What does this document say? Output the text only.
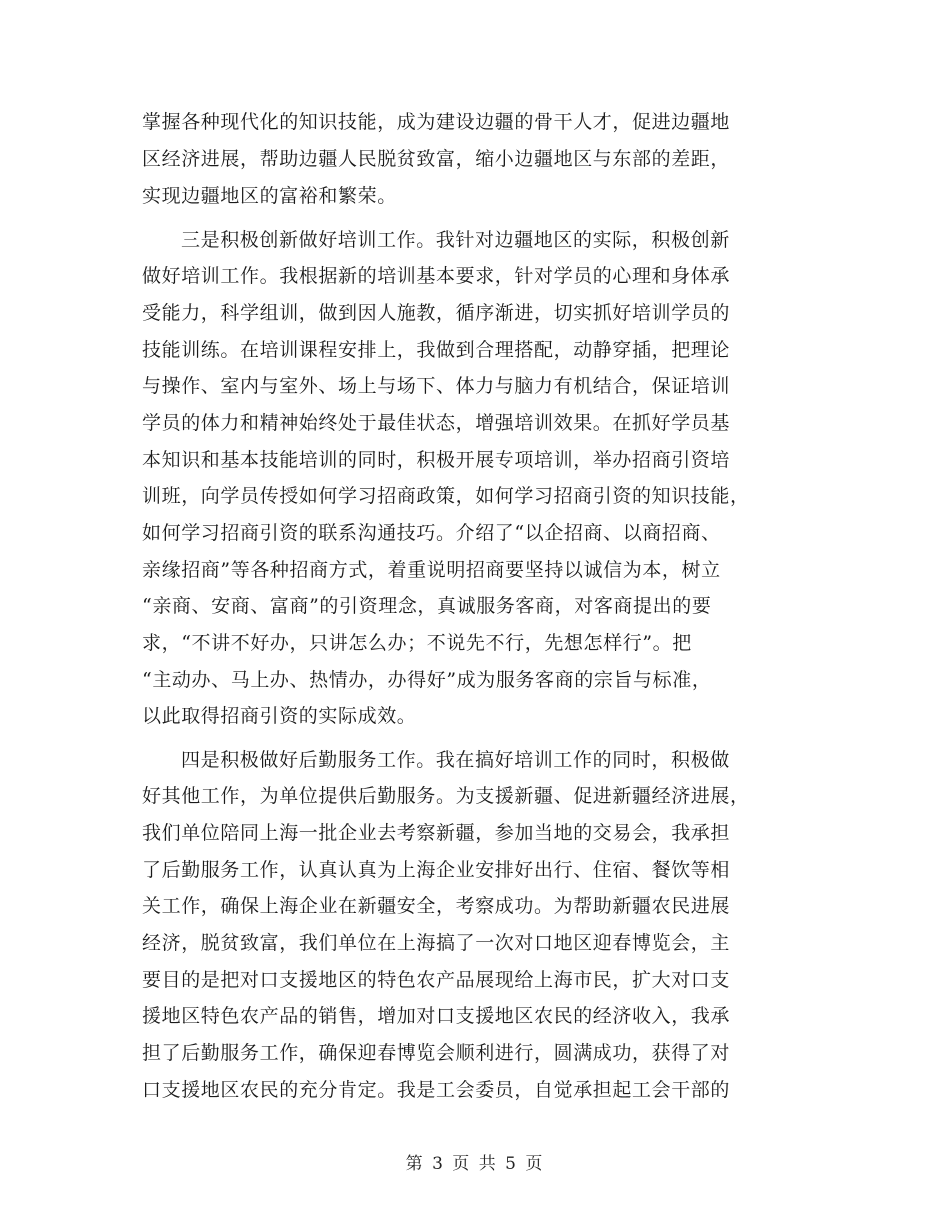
掌握各种现代化的知识技能，成为建设边疆的骨干人才，促进边疆地
区经济进展，帮助边疆人民脱贫致富，缩小边疆地区与东部的差距，
实现边疆地区的富裕和繁荣。
三是积极创新做好培训工作。我针对边疆地区的实际，积极创新
做好培训工作。我根据新的培训基本要求，针对学员的心理和身体承
受能力，科学组训，做到因人施教，循序渐进，切实抓好培训学员的
技能训练。在培训课程安排上，我做到合理搭配，动静穿插，把理论
与操作、室内与室外、场上与场下、体力与脑力有机结合，保证培训
学员的体力和精神始终处于最佳状态，增强培训效果。在抓好学员基
本知识和基本技能培训的同时，积极开展专项培训，举办招商引资培
训班，向学员传授如何学习招商政策，如何学习招商引资的知识技能，
如何学习招商引资的联系沟通技巧。介绍了“以企招商、以商招商、
亲缘招商”等各种招商方式，着重说明招商要坚持以诚信为本，树立
“亲商、安商、富商”的引资理念，真诚服务客商，对客商提出的要
求，“不讲不好办，只讲怎么办；不说先不行，先想怎样行”。把
“主动办、马上办、热情办，办得好”成为服务客商的宗旨与标准，
以此取得招商引资的实际成效。
四是积极做好后勤服务工作。我在搞好培训工作的同时，积极做
好其他工作，为单位提供后勤服务。为支援新疆、促进新疆经济进展，
我们单位陪同上海一批企业去考察新疆，参加当地的交易会，我承担
了后勤服务工作，认真认真为上海企业安排好出行、住宿、餐饮等相
关工作，确保上海企业在新疆安全，考察成功。为帮助新疆农民进展
经济，脱贫致富，我们单位在上海搞了一次对口地区迎春博览会，主
要目的是把对口支援地区的特色农产品展现给上海市民，扩大对口支
援地区特色农产品的销售，增加对口支援地区农民的经济收入，我承
担了后勤服务工作，确保迎春博览会顺利进行，圆满成功，获得了对
口支援地区农民的充分肯定。我是工会委员，自觉承担起工会干部的
第 3 页 共 5 页
